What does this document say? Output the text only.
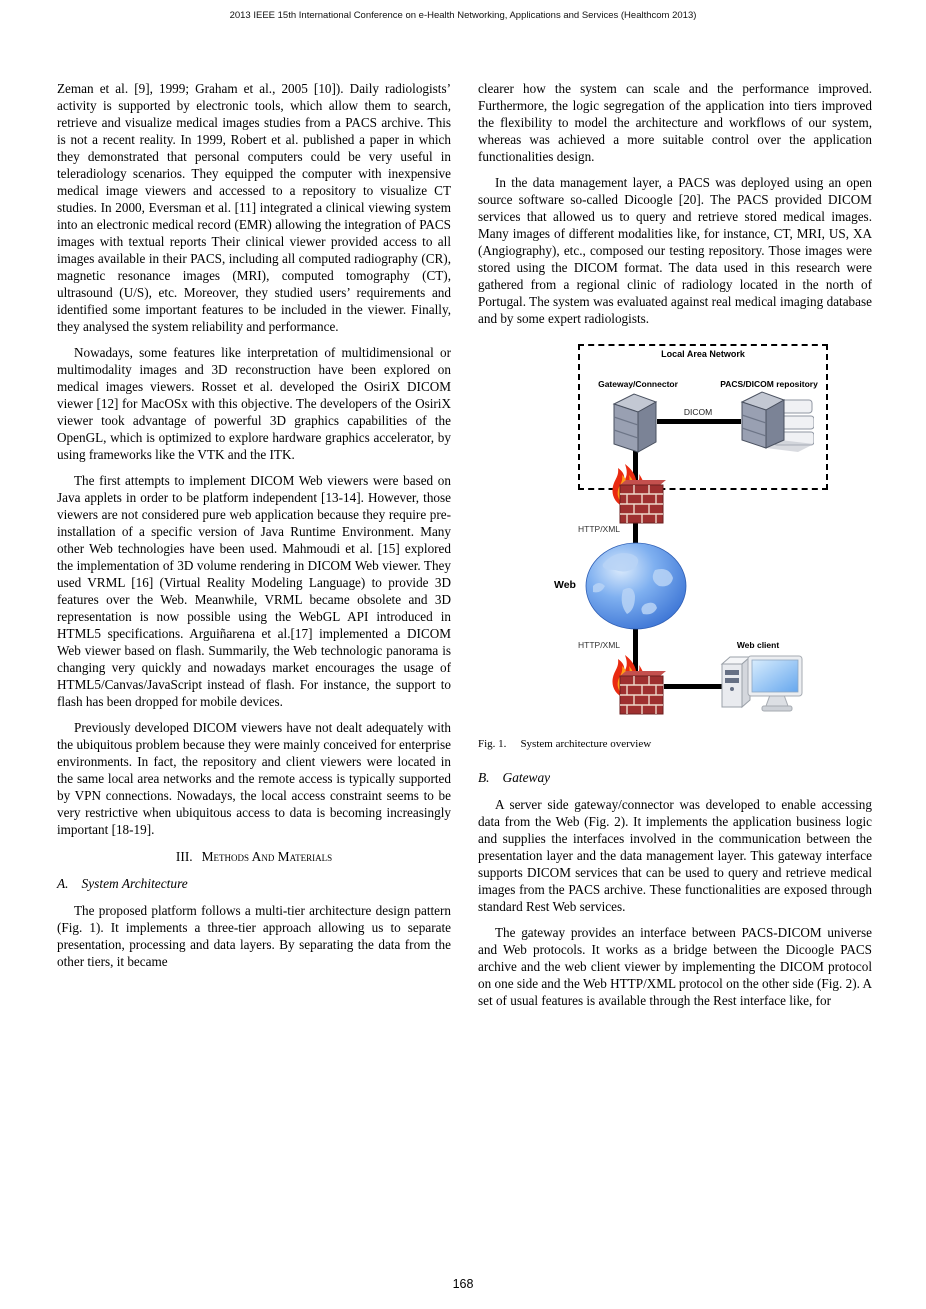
2013 IEEE 15th International Conference on e-Health Networking, Applications and Services (Healthcom 2013)

Zeman et al. [9], 1999; Graham et al., 2005 [10]). Daily radiologists’ activity is supported by electronic tools, which allow them to search, retrieve and visualize medical images studies from a PACS archive. This is not a recent reality. In 1999, Robert et al. published a paper in which they demonstrated that personal computers could be very useful in teleradiology scenarios. They equipped the computer with inexpensive medical image viewers and accessed to a repository to visualize CT studies. In 2000, Eversman et al. [11] integrated a clinical viewing system into an electronic medical record (EMR) allowing the integration of PACS images with textual reports Their clinical viewer provided access to all images available in their PACS, including all computed radiography (CR), magnetic resonance images (MRI), computed tomography (CT), ultrasound (U/S), etc. Moreover, they studied users’ requirements and identified some important features to be included in the viewer. Finally, they analysed the system reliability and performance.

Nowadays, some features like interpretation of multidimensional or multimodality images and 3D reconstruction have been explored on medical images viewers. Rosset et al. developed the OsiriX DICOM viewer [12] for MacOSx with this objective. The developers of the OsiriX viewer took advantage of powerful 3D graphics capabilities of the OpenGL, which is optimized to explore hardware graphics accelerator, by using frameworks like the VTK and the ITK.

The first attempts to implement DICOM Web viewers were based on Java applets in order to be platform independent [13-14]. However, those viewers are not considered pure web application because they require pre-installation of a specific version of Java Runtime Environment. Many other Web technologies have been used. Mahmoudi et al. [15] explored the implementation of 3D volume rendering in DICOM Web viewer. They used VRML [16] (Virtual Reality Modeling Language) to provide 3D features over the Web. Meanwhile, VRML became obsolete and 3D representation is now possible using the WebGL API introduced in HTML5 specifications. Arguiñarena et al.[17] implemented a DICOM Web viewer based on flash. Summarily, the Web technologic panorama is changing very quickly and nowadays market encourages the usage of HTML5/Canvas/JavaScript instead of flash. For instance, the support to flash has been dropped for mobile devices.

Previously developed DICOM viewers have not dealt adequately with the ubiquitous problem because they were mainly conceived for enterprise environments. In fact, the repository and client viewers were located in the same local area networks and the remote access is typically supported by VPN connections. Nowadays, the local access constraint seems to be very restrictive when ubiquitous access to data is becoming increasingly important [18-19].

III. Methods And Materials
A. System Architecture

The proposed platform follows a multi-tier architecture design pattern (Fig. 1). It implements a three-tier approach allowing us to separate presentation, processing and data layers. By separating the data from the other tiers, it became

clearer how the system can scale and the performance improved. Furthermore, the logic segregation of the application into tiers improved the flexibility to model the architecture and workflows of our system, whereas was achieved a more suitable control over the application functionalities design.

In the data management layer, a PACS was deployed using an open source software so-called Dicoogle [20]. The PACS provided DICOM services that allowed us to query and retrieve stored medical images. Many images of different modalities like, for instance, CT, MRI, US, XA (Angiography), etc., composed our testing repository. Those images were stored using the DICOM format. The data used in this research were gathered from a regional clinic of radiology located in the north of Portugal. The system was evaluated against real medical imaging database and by some expert radiologists.

Local Area Network
Gateway/Connector	PACS/DICOM repository
DICOM
HTTP/XML
Web
HTTP/XML	Web client

Fig. 1. System architecture overview

B. Gateway

A server side gateway/connector was developed to enable accessing data from the Web (Fig. 2). It implements the application business logic and supplies the interfaces involved in the communication between the presentation layer and the data management layer. This gateway interface supports DICOM services that can be used to query and retrieve medical images from the PACS archive. These functionalities are exposed through standard Rest Web services.

The gateway provides an interface between PACS-DICOM universe and Web protocols. It works as a bridge between the Dicoogle PACS archive and the web client viewer by implementing the DICOM protocol on one side and the Web HTTP/XML protocol on the other side (Fig. 2). A set of usual features is available through the Rest interface like, for

168
